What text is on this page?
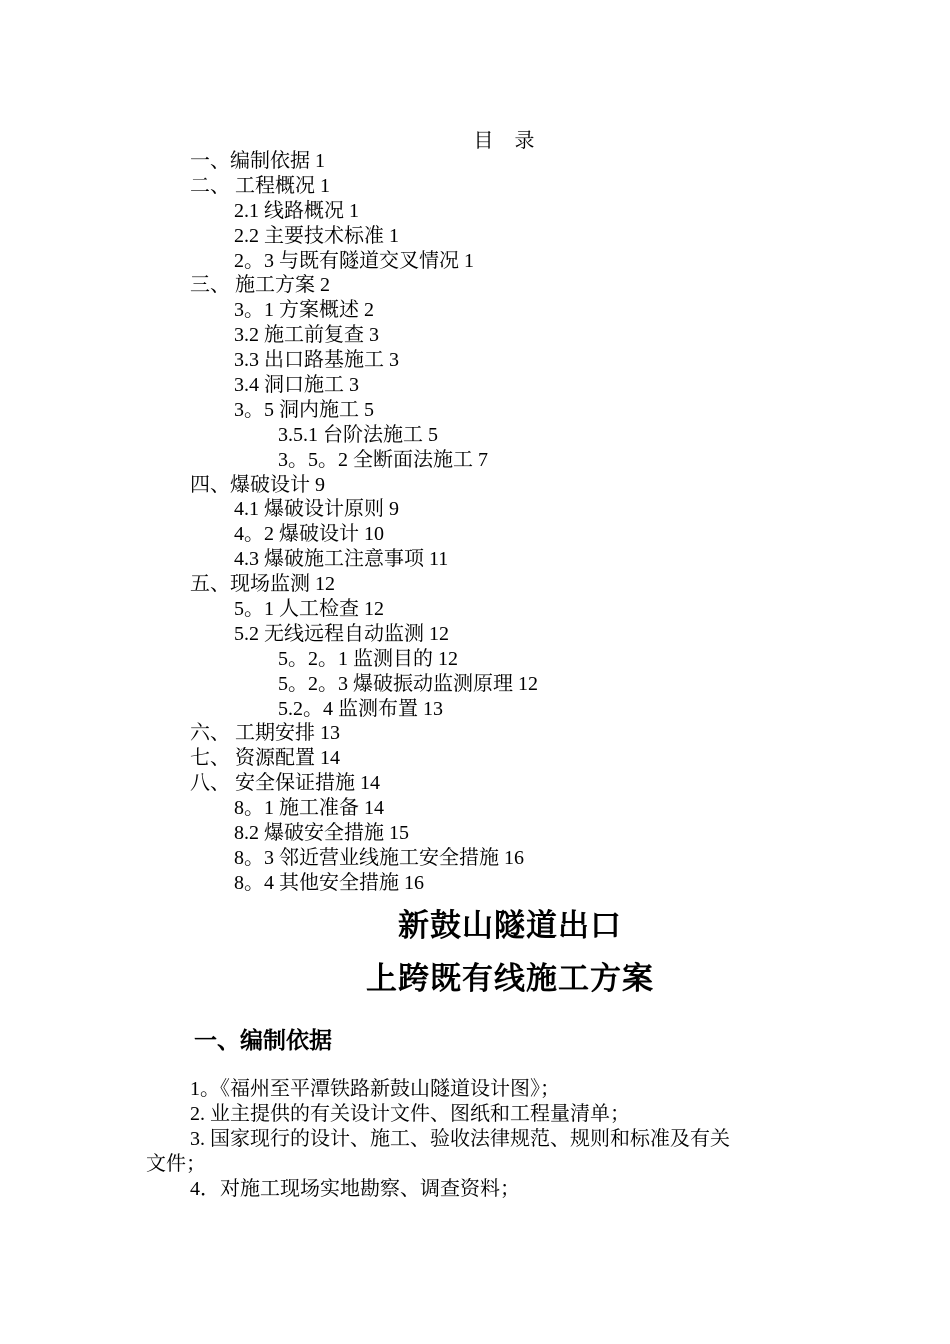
目 录
一、编制依据 1
二、 工程概况 1
2.1 线路概况 1
2.2 主要技术标准 1
2。3 与既有隧道交叉情况 1
三、 施工方案 2
3。1 方案概述 2
3.2 施工前复查 3
3.3 出口路基施工 3
3.4 洞口施工 3
3。5 洞内施工 5
3.5.1 台阶法施工 5
3。5。2 全断面法施工 7
四、爆破设计 9
4.1 爆破设计原则 9
4。2 爆破设计 10
4.3 爆破施工注意事项 11
五、现场监测 12
5。1 人工检查 12
5.2 无线远程自动监测 12
5。2。1 监测目的 12
5。2。3 爆破振动监测原理 12
5.2。4 监测布置 13
六、 工期安排 13
七、 资源配置 14
八、 安全保证措施 14
8。1 施工准备 14
8.2 爆破安全措施 15
8。3 邻近营业线施工安全措施 16
8。4 其他安全措施 16
新鼓山隧道出口
上跨既有线施工方案
一、编制依据
1。《福州至平潭铁路新鼓山隧道设计图》；
2. 业主提供的有关设计文件、图纸和工程量清单；
3. 国家现行的设计、施工、验收法律规范、规则和标准及有关
文件；
4．对施工现场实地勘察、调查资料；
